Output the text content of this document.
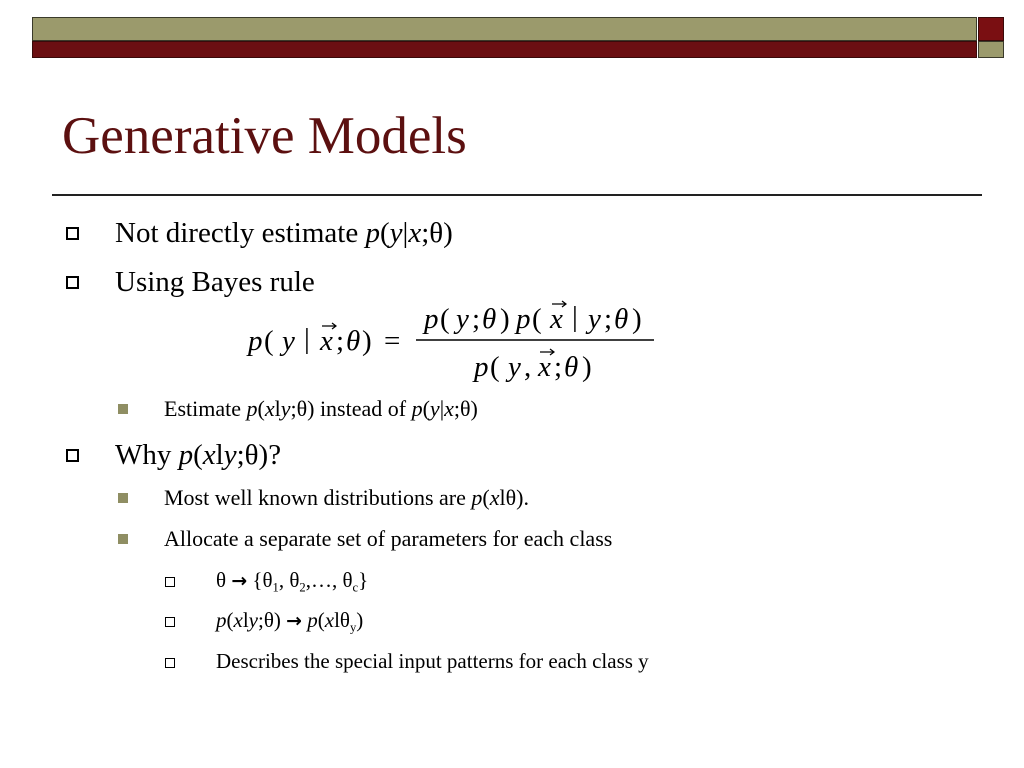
Generative Models
Not directly estimate p(y|x;θ)
Using Bayes rule
p ( y | x ; θ ) =
p ( y ; θ ) p ( x | y ; θ )
p ( y , x ; θ )
Estimate p(xly;θ) instead of p(y|x;θ)
Why p(xly;θ)?
Most well known distributions are p(xlθ).
Allocate a separate set of parameters for each class
$\theta \to \{\theta_1$, $\theta_2,\dots$, $\theta_c$}
p(xly;θ) → p(xlθ$_y$)
Describes the special input patterns for each class y
